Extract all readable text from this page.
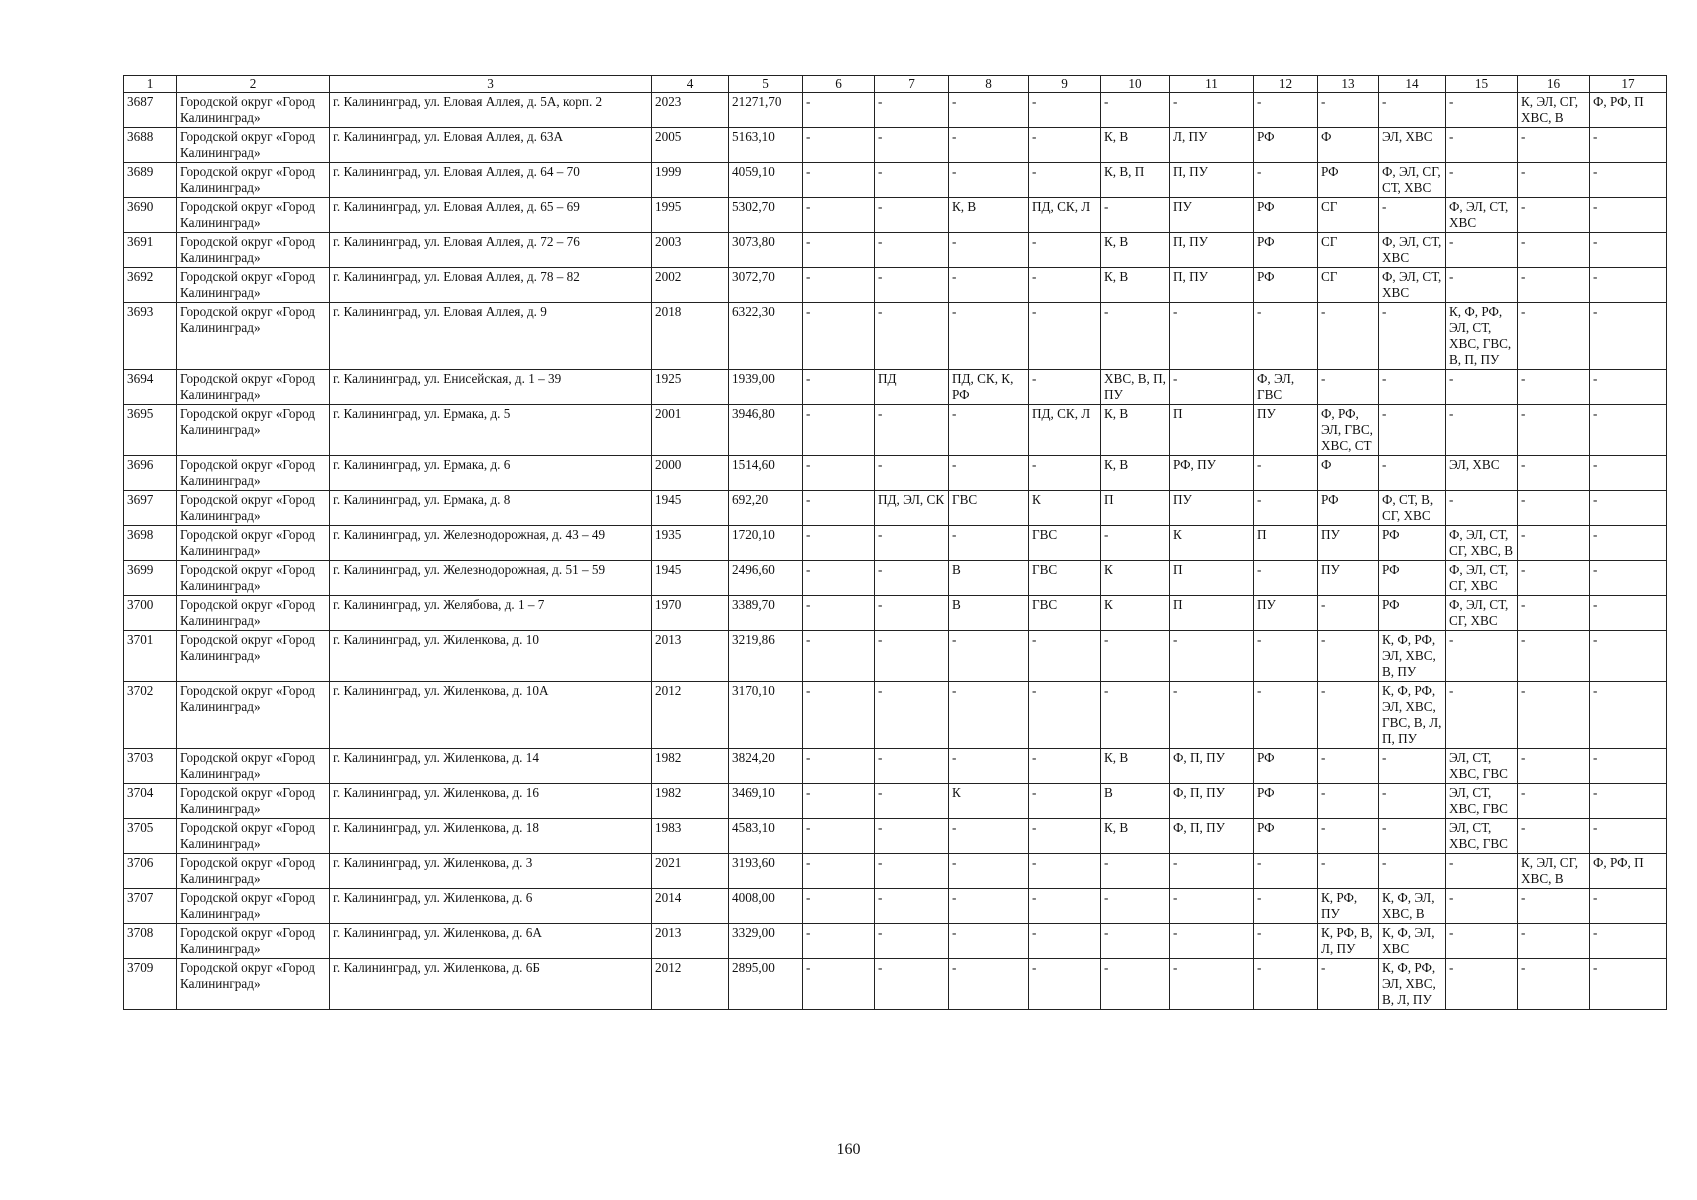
1	2	3	4	5	6	7	8	9	10	11	12	13	14	15	16	17
3687	Городской округ «Город Калининград»	г. Калининград, ул. Еловая Аллея, д. 5А, корп. 2	2023	21271,70	-	-	-	-	-	-	-	-	-	-	К, ЭЛ, СГ, ХВС, В	Ф, РФ, П
3688	Городской округ «Город Калининград»	г. Калининград, ул. Еловая Аллея, д. 63А	2005	5163,10	-	-	-	-	К, В	Л, ПУ	РФ	Ф	ЭЛ, ХВС	-	-	-
3689	Городской округ «Город Калининград»	г. Калининград, ул. Еловая Аллея, д. 64 – 70	1999	4059,10	-	-	-	-	К, В, П	П, ПУ	-	РФ	Ф, ЭЛ, СГ, СТ, ХВС	-	-	-
3690	Городской округ «Город Калининград»	г. Калининград, ул. Еловая Аллея, д. 65 – 69	1995	5302,70	-	-	К, В	ПД, СК, Л	-	ПУ	РФ	СГ	-	Ф, ЭЛ, СТ, ХВС	-	-
3691	Городской округ «Город Калининград»	г. Калининград, ул. Еловая Аллея, д. 72 – 76	2003	3073,80	-	-	-	-	К, В	П, ПУ	РФ	СГ	Ф, ЭЛ, СТ, ХВС	-	-	-
3692	Городской округ «Город Калининград»	г. Калининград, ул. Еловая Аллея, д. 78 – 82	2002	3072,70	-	-	-	-	К, В	П, ПУ	РФ	СГ	Ф, ЭЛ, СТ, ХВС	-	-	-
3693	Городской округ «Город Калининград»	г. Калининград, ул. Еловая Аллея, д. 9	2018	6322,30	-	-	-	-	-	-	-	-	-	К, Ф, РФ, ЭЛ, СТ, ХВС, ГВС, В, П, ПУ	-	-
3694	Городской округ «Город Калининград»	г. Калининград, ул. Енисейская, д. 1 – 39	1925	1939,00	-	ПД	ПД, СК, К, РФ	-	ХВС, В, П, ПУ	-	Ф, ЭЛ, ГВС	-	-	-	-	-
3695	Городской округ «Город Калининград»	г. Калининград, ул. Ермака, д. 5	2001	3946,80	-	-	-	ПД, СК, Л	К, В	П	ПУ	Ф, РФ, ЭЛ, ГВС, ХВС, СТ	-	-	-	-
3696	Городской округ «Город Калининград»	г. Калининград, ул. Ермака, д. 6	2000	1514,60	-	-	-	-	К, В	РФ, ПУ	-	Ф	-	ЭЛ, ХВС	-	-
3697	Городской округ «Город Калининград»	г. Калининград, ул. Ермака, д. 8	1945	692,20	-	ПД, ЭЛ, СК	ГВС	К	П	ПУ	-	РФ	Ф, СТ, В, СГ, ХВС	-	-	-
3698	Городской округ «Город Калининград»	г. Калининград, ул. Железнодорожная, д. 43 – 49	1935	1720,10	-	-	-	ГВС	-	К	П	ПУ	РФ	Ф, ЭЛ, СТ, СГ, ХВС, В	-	-
3699	Городской округ «Город Калининград»	г. Калининград, ул. Железнодорожная, д. 51 – 59	1945	2496,60	-	-	В	ГВС	К	П	-	ПУ	РФ	Ф, ЭЛ, СТ, СГ, ХВС	-	-
3700	Городской округ «Город Калининград»	г. Калининград, ул. Желябова, д. 1 – 7	1970	3389,70	-	-	В	ГВС	К	П	ПУ	-	РФ	Ф, ЭЛ, СТ, СГ, ХВС	-	-
3701	Городской округ «Город Калининград»	г. Калининград, ул. Жиленкова, д. 10	2013	3219,86	-	-	-	-	-	-	-	-	К, Ф, РФ, ЭЛ, ХВС, В, ПУ	-	-	-
3702	Городской округ «Город Калининград»	г. Калининград, ул. Жиленкова, д. 10А	2012	3170,10	-	-	-	-	-	-	-	-	К, Ф, РФ, ЭЛ, ХВС, ГВС, В, Л, П, ПУ	-	-	-
3703	Городской округ «Город Калининград»	г. Калининград, ул. Жиленкова, д. 14	1982	3824,20	-	-	-	-	К, В	Ф, П, ПУ	РФ	-	-	ЭЛ, СТ, ХВС, ГВС	-	-
3704	Городской округ «Город Калининград»	г. Калининград, ул. Жиленкова, д. 16	1982	3469,10	-	-	К	-	В	Ф, П, ПУ	РФ	-	-	ЭЛ, СТ, ХВС, ГВС	-	-
3705	Городской округ «Город Калининград»	г. Калининград, ул. Жиленкова, д. 18	1983	4583,10	-	-	-	-	К, В	Ф, П, ПУ	РФ	-	-	ЭЛ, СТ, ХВС, ГВС	-	-
3706	Городской округ «Город Калининград»	г. Калининград, ул. Жиленкова, д. 3	2021	3193,60	-	-	-	-	-	-	-	-	-	-	К, ЭЛ, СГ, ХВС, В	Ф, РФ, П
3707	Городской округ «Город Калининград»	г. Калининград, ул. Жиленкова, д. 6	2014	4008,00	-	-	-	-	-	-	-	К, РФ, ПУ	К, Ф, ЭЛ, ХВС, В	-	-	-
3708	Городской округ «Город Калининград»	г. Калининград, ул. Жиленкова, д. 6А	2013	3329,00	-	-	-	-	-	-	-	К, РФ, В, Л, ПУ	К, Ф, ЭЛ, ХВС	-	-	-
3709	Городской округ «Город Калининград»	г. Калининград, ул. Жиленкова, д. 6Б	2012	2895,00	-	-	-	-	-	-	-	-	К, Ф, РФ, ЭЛ, ХВС, В, Л, ПУ	-	-	-
160
